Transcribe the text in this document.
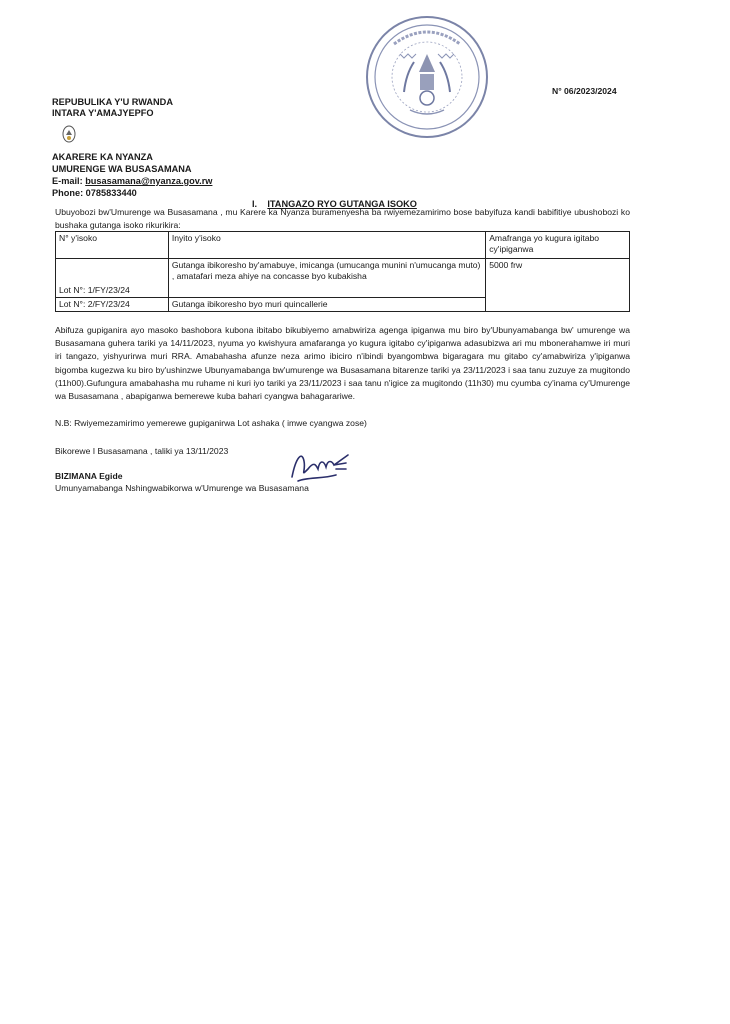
N° 06/2023/2024
REPUBULIKA Y'U RWANDA
INTARA Y'AMAJYEPFO
AKARERE KA NYANZA
UMURENGE WA BUSASAMANA
E-mail: busasamana@nyanza.gov.rw
Phone: 0785833440
I. ITANGAZO RYO GUTANGA ISOKO
Ubuyobozi bw'Umurenge wa Busasamana , mu Karere ka Nyanza buramenyesha ba rwiyemezamirimo bose babyifuza kandi babifitiye ubushobozi ko bushaka gutanga isoko rikurikira:
N° y'isoko	Inyito y'isoko	Amafranga yo kugura igitabo cy'ipiganwa
Lot N°: 1/FY/23/24	Gutanga ibikoresho by'amabuye, imicanga (umucanga munini n'umucanga muto) , amatafari meza ahiye na concasse byo kubakisha	5000 frw
Lot N°: 2/FY/23/24	Gutanga ibikoresho byo muri quincallerie	
Abifuza gupiganira ayo masoko bashobora kubona ibitabo bikubiyemo amabwiriza agenga ipiganwa mu biro by'Ubunyamabanga bw' umurenge wa Busasamana guhera tariki ya 14/11/2023, nyuma yo kwishyura amafaranga yo kugura igitabo cy'ipiganwa adasubizwa ari mu mbonerahamwe iri muri iri tangazo, yishyurirwa muri RRA. Amabahasha afunze neza arimo ibiciro n'ibindi byangombwa bigaragara mu gitabo cy'amabwiriza y'ipiganwa bigomba kugezwa ku biro by'ushinzwe Ubunyamabanga bw'umurenge wa Busasamana bitarenze tariki ya 23/11/2023 i saa tanu zuzuye za mugitondo (11h00).Gufungura amabahasha mu ruhame ni kuri iyo tariki ya 23/11/2023 i saa tanu n'igice za mugitondo (11h30) mu cyumba cy'inama cy'Umurenge wa Busasamana , abapiganwa bemerewe kuba bahari cyangwa bahagarariwe.
N.B: Rwiyemezamirimo yemerewe gupiganirwa Lot ashaka ( imwe cyangwa zose)
Bikorewe I Busasamana , taliki ya 13/11/2023
BIZIMANA Egide
Umunyamabanga Nshingwabikorwa w'Umurenge wa Busasamana
